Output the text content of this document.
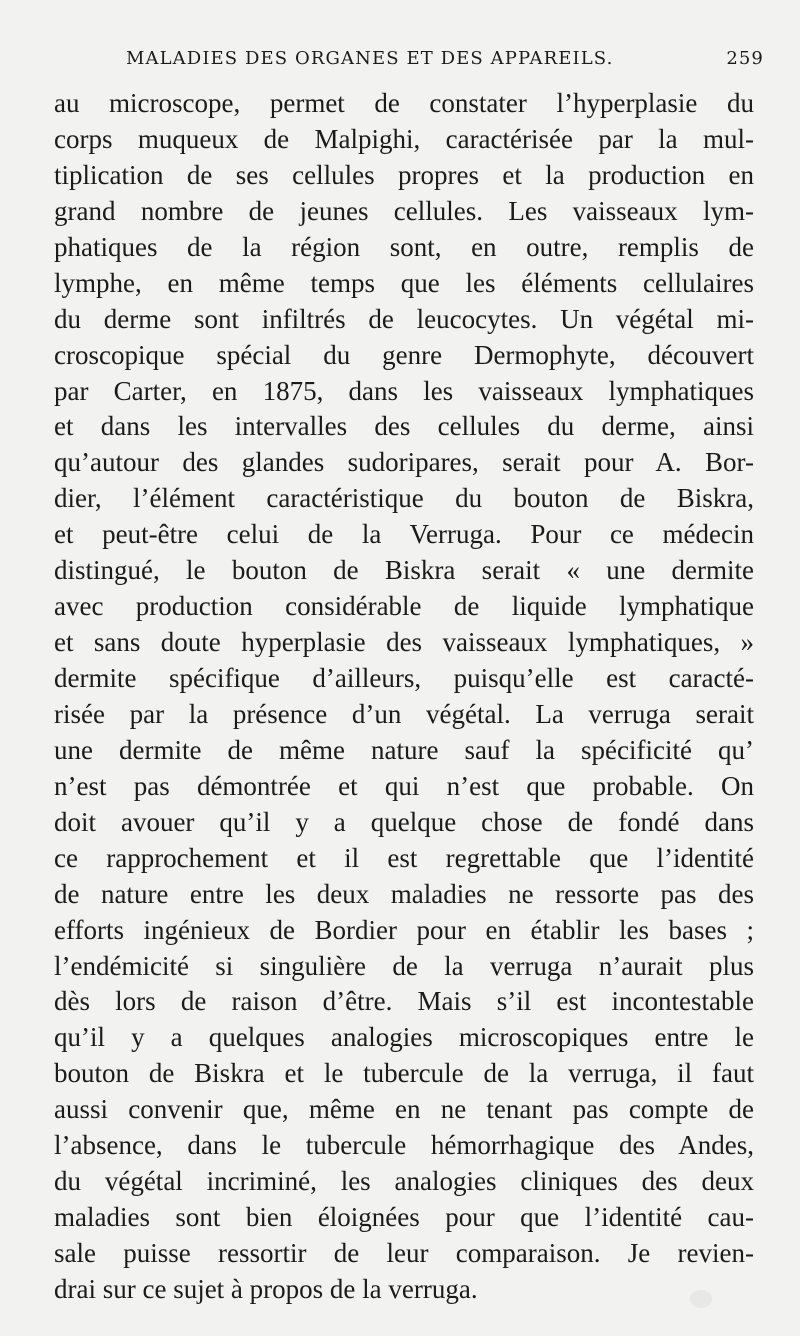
MALADIES DES ORGANES ET DES APPAREILS.	259
au microscope, permet de constater l’hyperplasie du
corps muqueux de Malpighi, caractérisée par la mul-
tiplication de ses cellules propres et la production en
grand nombre de jeunes cellules. Les vaisseaux lym-
phatiques de la région sont, en outre, remplis de
lymphe, en même temps que les éléments cellulaires
du derme sont infiltrés de leucocytes. Un végétal mi-
croscopique spécial du genre Dermophyte, découvert
par Carter, en 1875, dans les vaisseaux lymphatiques
et dans les intervalles des cellules du derme, ainsi
qu’autour des glandes sudoripares, serait pour A. Bor-
dier, l’élément caractéristique du bouton de Biskra,
et peut-être celui de la Verruga. Pour ce médecin
distingué, le bouton de Biskra serait « une dermite
avec production considérable de liquide lymphatique
et sans doute hyperplasie des vaisseaux lymphatiques, »
dermite spécifique d’ailleurs, puisqu’elle est caracté-
risée par la présence d’un végétal. La verruga serait
une dermite de même nature sauf la spécificité qu’
n’est pas démontrée et qui n’est que probable. On
doit avouer qu’il y a quelque chose de fondé dans
ce rapprochement et il est regrettable que l’identité
de nature entre les deux maladies ne ressorte pas des
efforts ingénieux de Bordier pour en établir les bases ;
l’endémicité si singulière de la verruga n’aurait plus
dès lors de raison d’être. Mais s’il est incontestable
qu’il y a quelques analogies microscopiques entre le
bouton de Biskra et le tubercule de la verruga, il faut
aussi convenir que, même en ne tenant pas compte de
l’absence, dans le tubercule hémorrhagique des Andes,
du végétal incriminé, les analogies cliniques des deux
maladies sont bien éloignées pour que l’identité cau-
sale puisse ressortir de leur comparaison. Je revien-
drai sur ce sujet à propos de la verruga.
